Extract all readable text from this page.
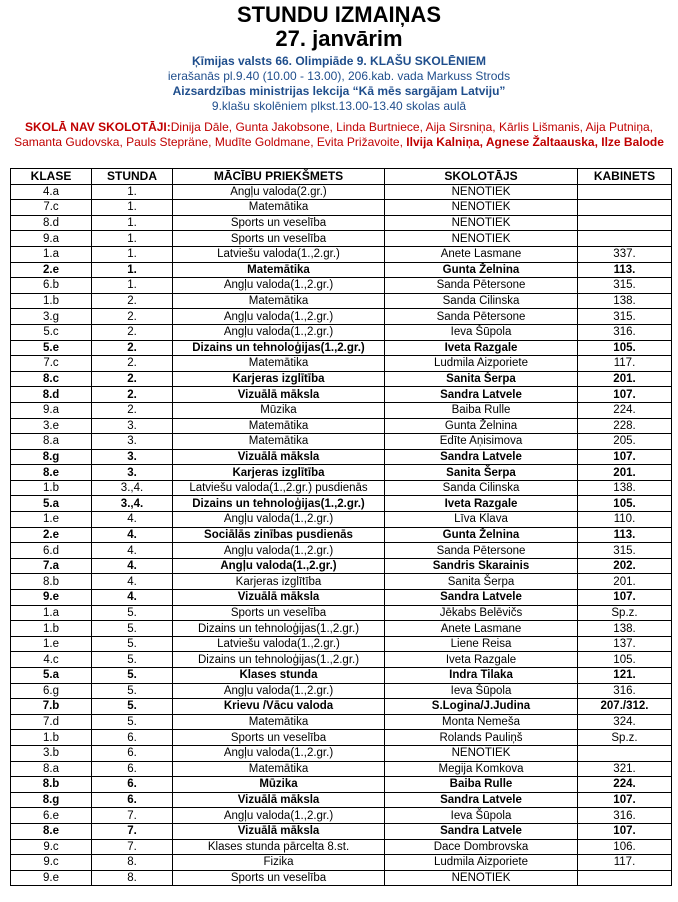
STUNDU IZMAIŅAS
27. janvārim
Ķīmijas valsts 66. Olimpiāde 9. KLAŠU SKOLĒNIEM
ierašanās pl.9.40 (10.00 - 13.00), 206.kab. vada Markuss Strods
Aizsardzības ministrijas lekcija “Kā mēs sargājam Latviju”
9.klašu skolēniem plkst.13.00-13.40 skolas aulā
SKOLĀ NAV SKOLOTĀJI:Dinija Dāle, Gunta Jakobsone, Linda Burtniece, Aija Sirsniņa, Kārlis Lišmanis, Aija Putniņa, Samanta Gudovska, Pauls Stepräne, Mudīte Goldmane, Evita Prižavoite, Ilvija Kalniņa, Agnese Žaltaauska, Ilze Balode
KLASE	STUNDA	MĀCĪBU PRIEKŠMETS	SKOLOTĀJS	KABINETS
4.a	1.	Angļu valoda(2.gr.)	NENOTIEK	
7.c	1.	Matemātika	NENOTIEK	
8.d	1.	Sports un veselība	NENOTIEK	
9.a	1.	Sports un veselība	NENOTIEK	
1.a	1.	Latviešu valoda(1.,2.gr.)	Anete Lasmane	337.
2.e	1.	Matemātika	Gunta Želnina	113.
6.b	1.	Angļu valoda(1.,2.gr.)	Sanda Pētersone	315.
1.b	2.	Matemātika	Sanda Cilinska	138.
3.g	2.	Angļu valoda(1.,2.gr.)	Sanda Pētersone	315.
5.c	2.	Angļu valoda(1.,2.gr.)	Ieva Šūpola	316.
5.e	2.	Dizains un tehnoloģijas(1.,2.gr.)	Iveta Razgale	105.
7.c	2.	Matemātika	Ludmila Aizporiete	117.
8.c	2.	Karjeras izglītība	Sanita Šerpa	201.
8.d	2.	Vizuālā māksla	Sandra Latvele	107.
9.a	2.	Mūzika	Baiba Rulle	224.
3.e	3.	Matemātika	Gunta Želnina	228.
8.a	3.	Matemātika	Edīte Aņisimova	205.
8.g	3.	Vizuālā māksla	Sandra Latvele	107.
8.e	3.	Karjeras izglītība	Sanita Šerpa	201.
1.b	3.,4.	Latviešu valoda(1.,2.gr.) pusdienās	Sanda Cilinska	138.
5.a	3.,4.	Dizains un tehnoloģijas(1.,2.gr.)	Iveta Razgale	105.
1.e	4.	Angļu valoda(1.,2.gr.)	Līva Klava	110.
2.e	4.	Sociālās zinības pusdienās	Gunta Želnina	113.
6.d	4.	Angļu valoda(1.,2.gr.)	Sanda Pētersone	315.
7.a	4.	Angļu valoda(1.,2.gr.)	Sandris Skarainis	202.
8.b	4.	Karjeras izglītība	Sanita Šerpa	201.
9.e	4.	Vizuālā māksla	Sandra Latvele	107.
1.a	5.	Sports un veselība	Jēkabs Belēvičs	Sp.z.
1.b	5.	Dizains un tehnoloģijas(1.,2.gr.)	Anete Lasmane	138.
1.e	5.	Latviešu valoda(1.,2.gr.)	Liene Reisa	137.
4.c	5.	Dizains un tehnoloģijas(1.,2.gr.)	Iveta Razgale	105.
5.a	5.	Klases stunda	Indra Tilaka	121.
6.g	5.	Angļu valoda(1.,2.gr.)	Ieva Šūpola	316.
7.b	5.	Krievu /Vācu valoda	S.Logina/J.Judina	207./312.
7.d	5.	Matemātika	Monta Nemeša	324.
1.b	6.	Sports un veselība	Rolands Pauliņš	Sp.z.
3.b	6.	Angļu valoda(1.,2.gr.)	NENOTIEK	
8.a	6.	Matemātika	Megija Komkova	321.
8.b	6.	Mūzika	Baiba Rulle	224.
8.g	6.	Vizuālā māksla	Sandra Latvele	107.
6.e	7.	Angļu valoda(1.,2.gr.)	Ieva Šūpola	316.
8.e	7.	Vizuālā māksla	Sandra Latvele	107.
9.c	7.	Klases stunda pārcelta 8.st.	Dace Dombrovska	106.
9.c	8.	Fizika	Ludmila Aizporiete	117.
9.e	8.	Sports un veselība	NENOTIEK	
